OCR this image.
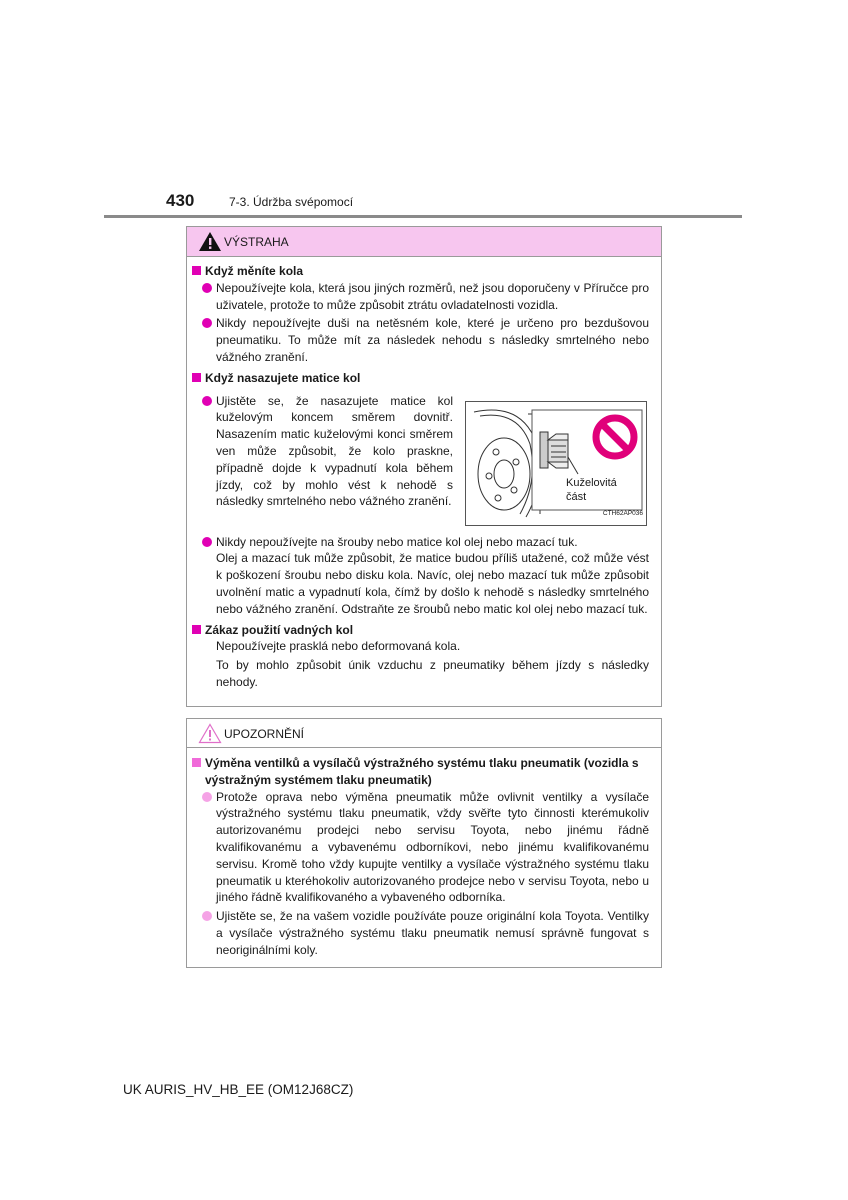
430	7-3. Údržba svépomocí
VÝSTRAHA
Když měníte kola
Nepoužívejte kola, která jsou jiných rozměrů, než jsou doporučeny v Příručce pro uživatele, protože to může způsobit ztrátu ovladatelnosti vozidla.
Nikdy nepoužívejte duši na netěsném kole, které je určeno pro bezdušovou pneumatiku. To může mít za následek nehodu s následky smrtelného nebo vážného zranění.
Když nasazujete matice kol
Ujistěte se, že nasazujete matice kol kuželovým koncem směrem dovnitř. Nasazením matic kuželovými konci směrem ven může způsobit, že kolo praskne, případně dojde k vypadnutí kola během jízdy, což by mohlo vést k nehodě s následky smrtelného nebo vážného zranění.
Kuželovitá
část
CTH62AP036
Nikdy nepoužívejte na šrouby nebo matice kol olej nebo mazací tuk.
Olej a mazací tuk může způsobit, že matice budou příliš utažené, což může vést k poškození šroubu nebo disku kola. Navíc, olej nebo mazací tuk může způsobit uvolnění matic a vypadnutí kola, čímž by došlo k nehodě s následky smrtelného nebo vážného zranění. Odstraňte ze šroubů nebo matic kol olej nebo mazací tuk.
Zákaz použití vadných kol
Nepoužívejte prasklá nebo deformovaná kola.
To by mohlo způsobit únik vzduchu z pneumatiky během jízdy s následky nehody.
UPOZORNĚNÍ
Výměna ventilků a vysílačů výstražného systému tlaku pneumatik (vozidla s výstražným systémem tlaku pneumatik)
Protože oprava nebo výměna pneumatik může ovlivnit ventilky a vysílače výstražného systému tlaku pneumatik, vždy svěřte tyto činnosti kterémukoliv autorizovanému prodejci nebo servisu Toyota, nebo jinému řádně kvalifikovanému a vybavenému odborníkovi, nebo jinému kvalifikovanému servisu. Kromě toho vždy kupujte ventilky a vysílače výstražného systému tlaku pneumatik u kteréhokoliv autorizovaného prodejce nebo v servisu Toyota, nebo u jiného řádně kvalifikovaného a vybaveného odborníka.
Ujistěte se, že na vašem vozidle používáte pouze originální kola Toyota. Ventilky a vysílače výstražného systému tlaku pneumatik nemusí správně fungovat s neoriginálními koly.
UK AURIS_HV_HB_EE (OM12J68CZ)
